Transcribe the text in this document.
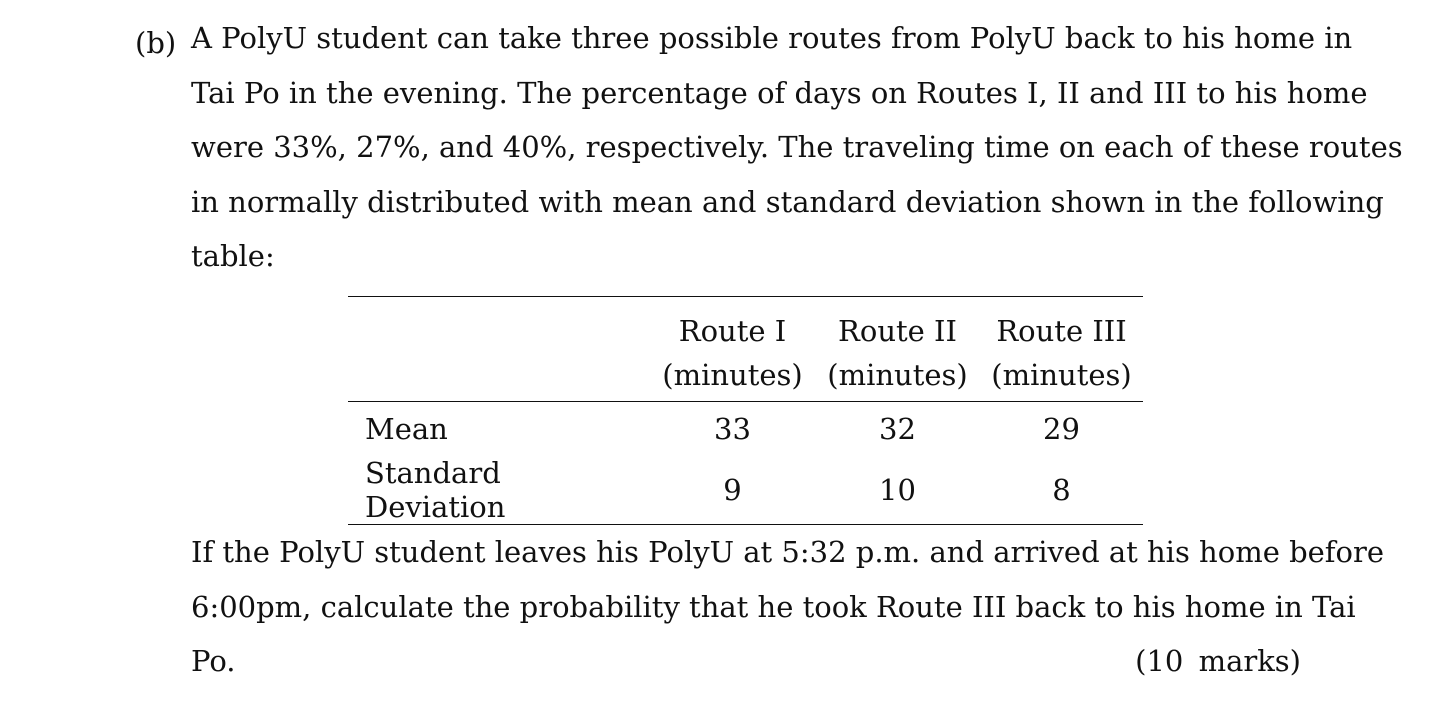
(b) A PolyU student can take three possible routes from PolyU back to his home in
Tai Po in the evening. The percentage of days on Routes I, II and III to his home
were 33%, 27%, and 40%, respectively. The traveling time on each of these routes
in normally distributed with mean and standard deviation shown in the following
table:
	Route I	Route II	Route III
	(minutes)	(minutes)	(minutes)
Mean	33	32	29
Standard Deviation	9	10	8
If the PolyU student leaves his PolyU at 5:32 p.m. and arrived at his home before
6:00pm, calculate the probability that he took Route III back to his home in Tai
Po.	(10 marks)
